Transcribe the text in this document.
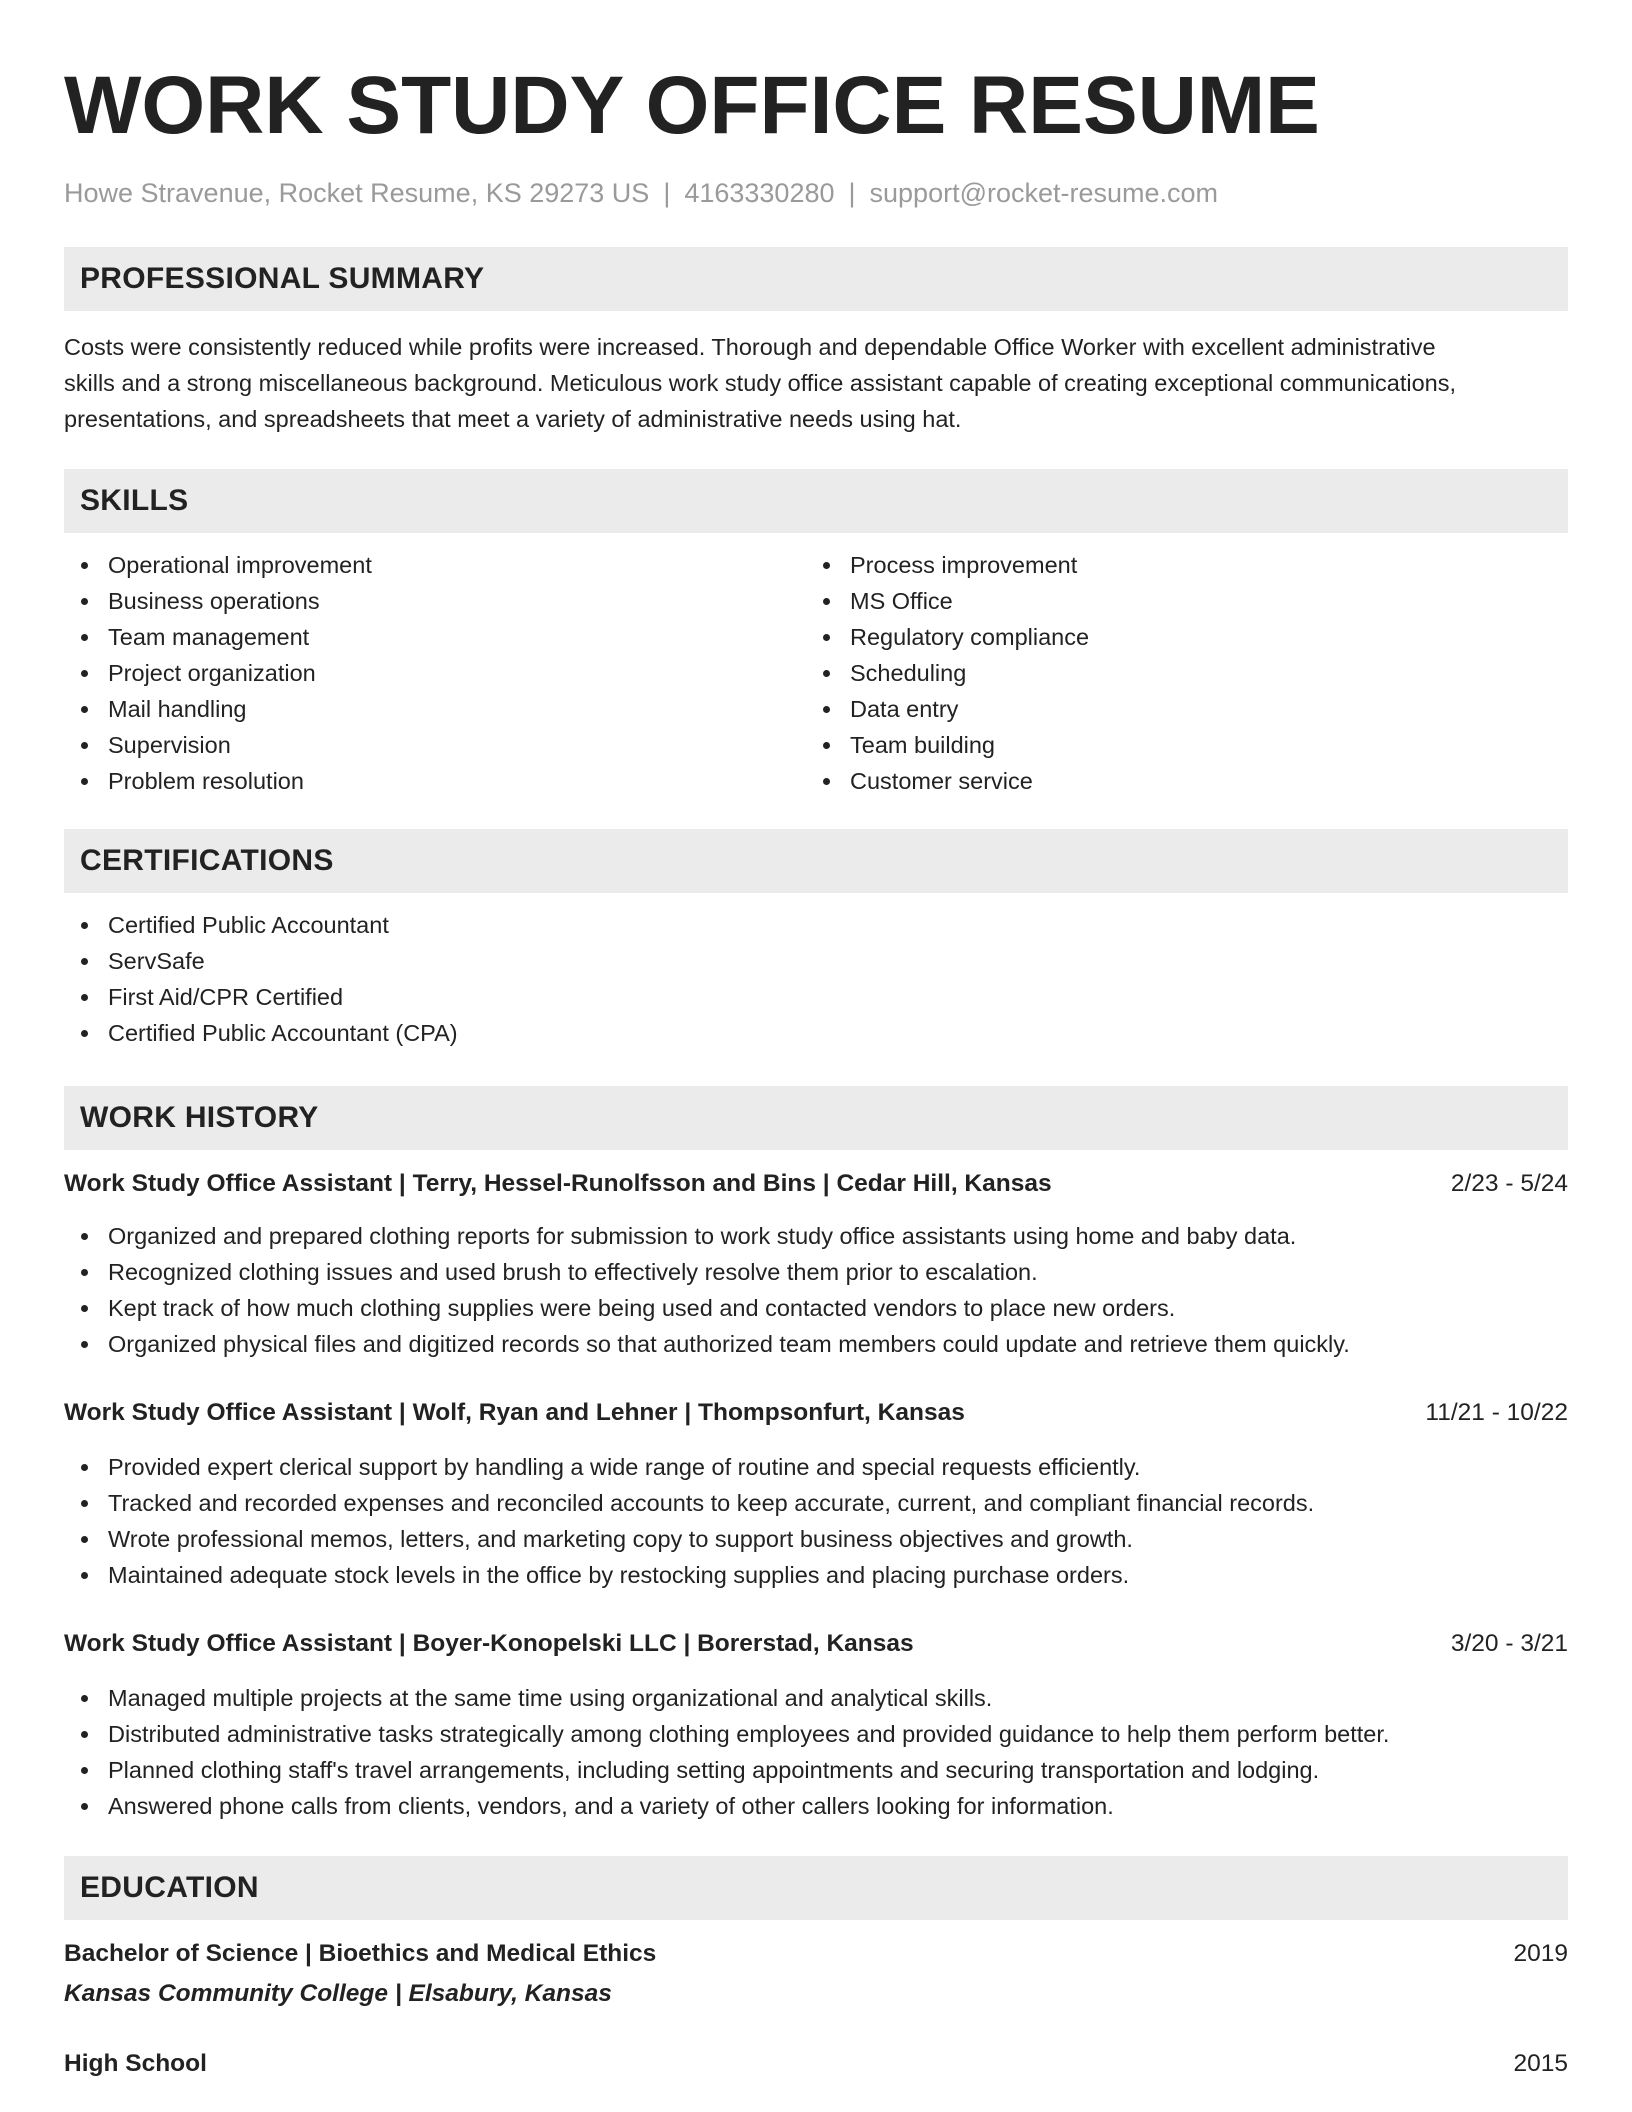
WORK STUDY OFFICE RESUME
Howe Stravenue, Rocket Resume, KS 29273 US | 4163330280 | support@rocket-resume.com
PROFESSIONAL SUMMARY
Costs were consistently reduced while profits were increased. Thorough and dependable Office Worker with excellent administrative
skills and a strong miscellaneous background. Meticulous work study office assistant capable of creating exceptional communications,
presentations, and spreadsheets that meet a variety of administrative needs using hat.
SKILLS
Operational improvement
Business operations
Team management
Project organization
Mail handling
Supervision
Problem resolution
Process improvement
MS Office
Regulatory compliance
Scheduling
Data entry
Team building
Customer service
CERTIFICATIONS
Certified Public Accountant
ServSafe
First Aid/CPR Certified
Certified Public Accountant (CPA)
WORK HISTORY
Work Study Office Assistant | Terry, Hessel-Runolfsson and Bins | Cedar Hill, Kansas	2/23 - 5/24
Organized and prepared clothing reports for submission to work study office assistants using home and baby data.
Recognized clothing issues and used brush to effectively resolve them prior to escalation.
Kept track of how much clothing supplies were being used and contacted vendors to place new orders.
Organized physical files and digitized records so that authorized team members could update and retrieve them quickly.
Work Study Office Assistant | Wolf, Ryan and Lehner | Thompsonfurt, Kansas	11/21 - 10/22
Provided expert clerical support by handling a wide range of routine and special requests efficiently.
Tracked and recorded expenses and reconciled accounts to keep accurate, current, and compliant financial records.
Wrote professional memos, letters, and marketing copy to support business objectives and growth.
Maintained adequate stock levels in the office by restocking supplies and placing purchase orders.
Work Study Office Assistant | Boyer-Konopelski LLC | Borerstad, Kansas	3/20 - 3/21
Managed multiple projects at the same time using organizational and analytical skills.
Distributed administrative tasks strategically among clothing employees and provided guidance to help them perform better.
Planned clothing staff's travel arrangements, including setting appointments and securing transportation and lodging.
Answered phone calls from clients, vendors, and a variety of other callers looking for information.
EDUCATION
Bachelor of Science | Bioethics and Medical Ethics	2019
Kansas Community College | Elsabury, Kansas
High School	2015
